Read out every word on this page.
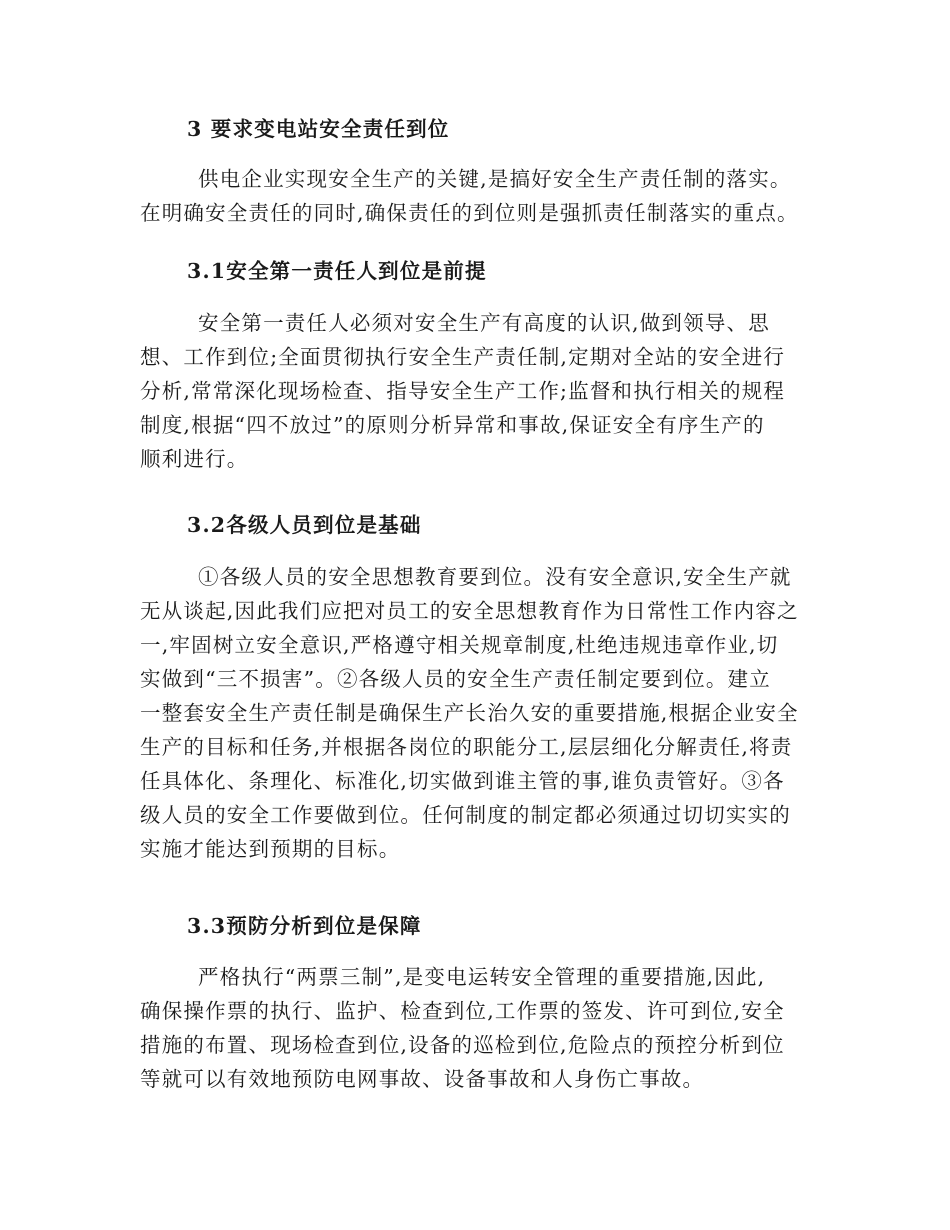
3 要求变电站安全责任到位

供电企业实现安全生产的关键,是搞好安全生产责任制的落实。
在明确安全责任的同时,确保责任的到位则是强抓责任制落实的重点。

3.1安全第一责任人到位是前提

安全第一责任人必须对安全生产有高度的认识,做到领导、思
想、工作到位;全面贯彻执行安全生产责任制,定期对全站的安全进行
分析,常常深化现场检查、指导安全生产工作;监督和执行相关的规程
制度,根据“四不放过”的原则分析异常和事故,保证安全有序生产的
顺利进行。

3.2各级人员到位是基础

①各级人员的安全思想教育要到位。没有安全意识,安全生产就
无从谈起,因此我们应把对员工的安全思想教育作为日常性工作内容之
一,牢固树立安全意识,严格遵守相关规章制度,杜绝违规违章作业,切
实做到“三不损害”。②各级人员的安全生产责任制定要到位。建立
一整套安全生产责任制是确保生产长治久安的重要措施,根据企业安全
生产的目标和任务,并根据各岗位的职能分工,层层细化分解责任,将责
任具体化、条理化、标准化,切实做到谁主管的事,谁负责管好。③各
级人员的安全工作要做到位。任何制度的制定都必须通过切切实实的
实施才能达到预期的目标。

3.3预防分析到位是保障

严格执行“两票三制”,是变电运转安全管理的重要措施,因此,
确保操作票的执行、监护、检查到位,工作票的签发、许可到位,安全
措施的布置、现场检查到位,设备的巡检到位,危险点的预控分析到位
等就可以有效地预防电网事故、设备事故和人身伤亡事故。
